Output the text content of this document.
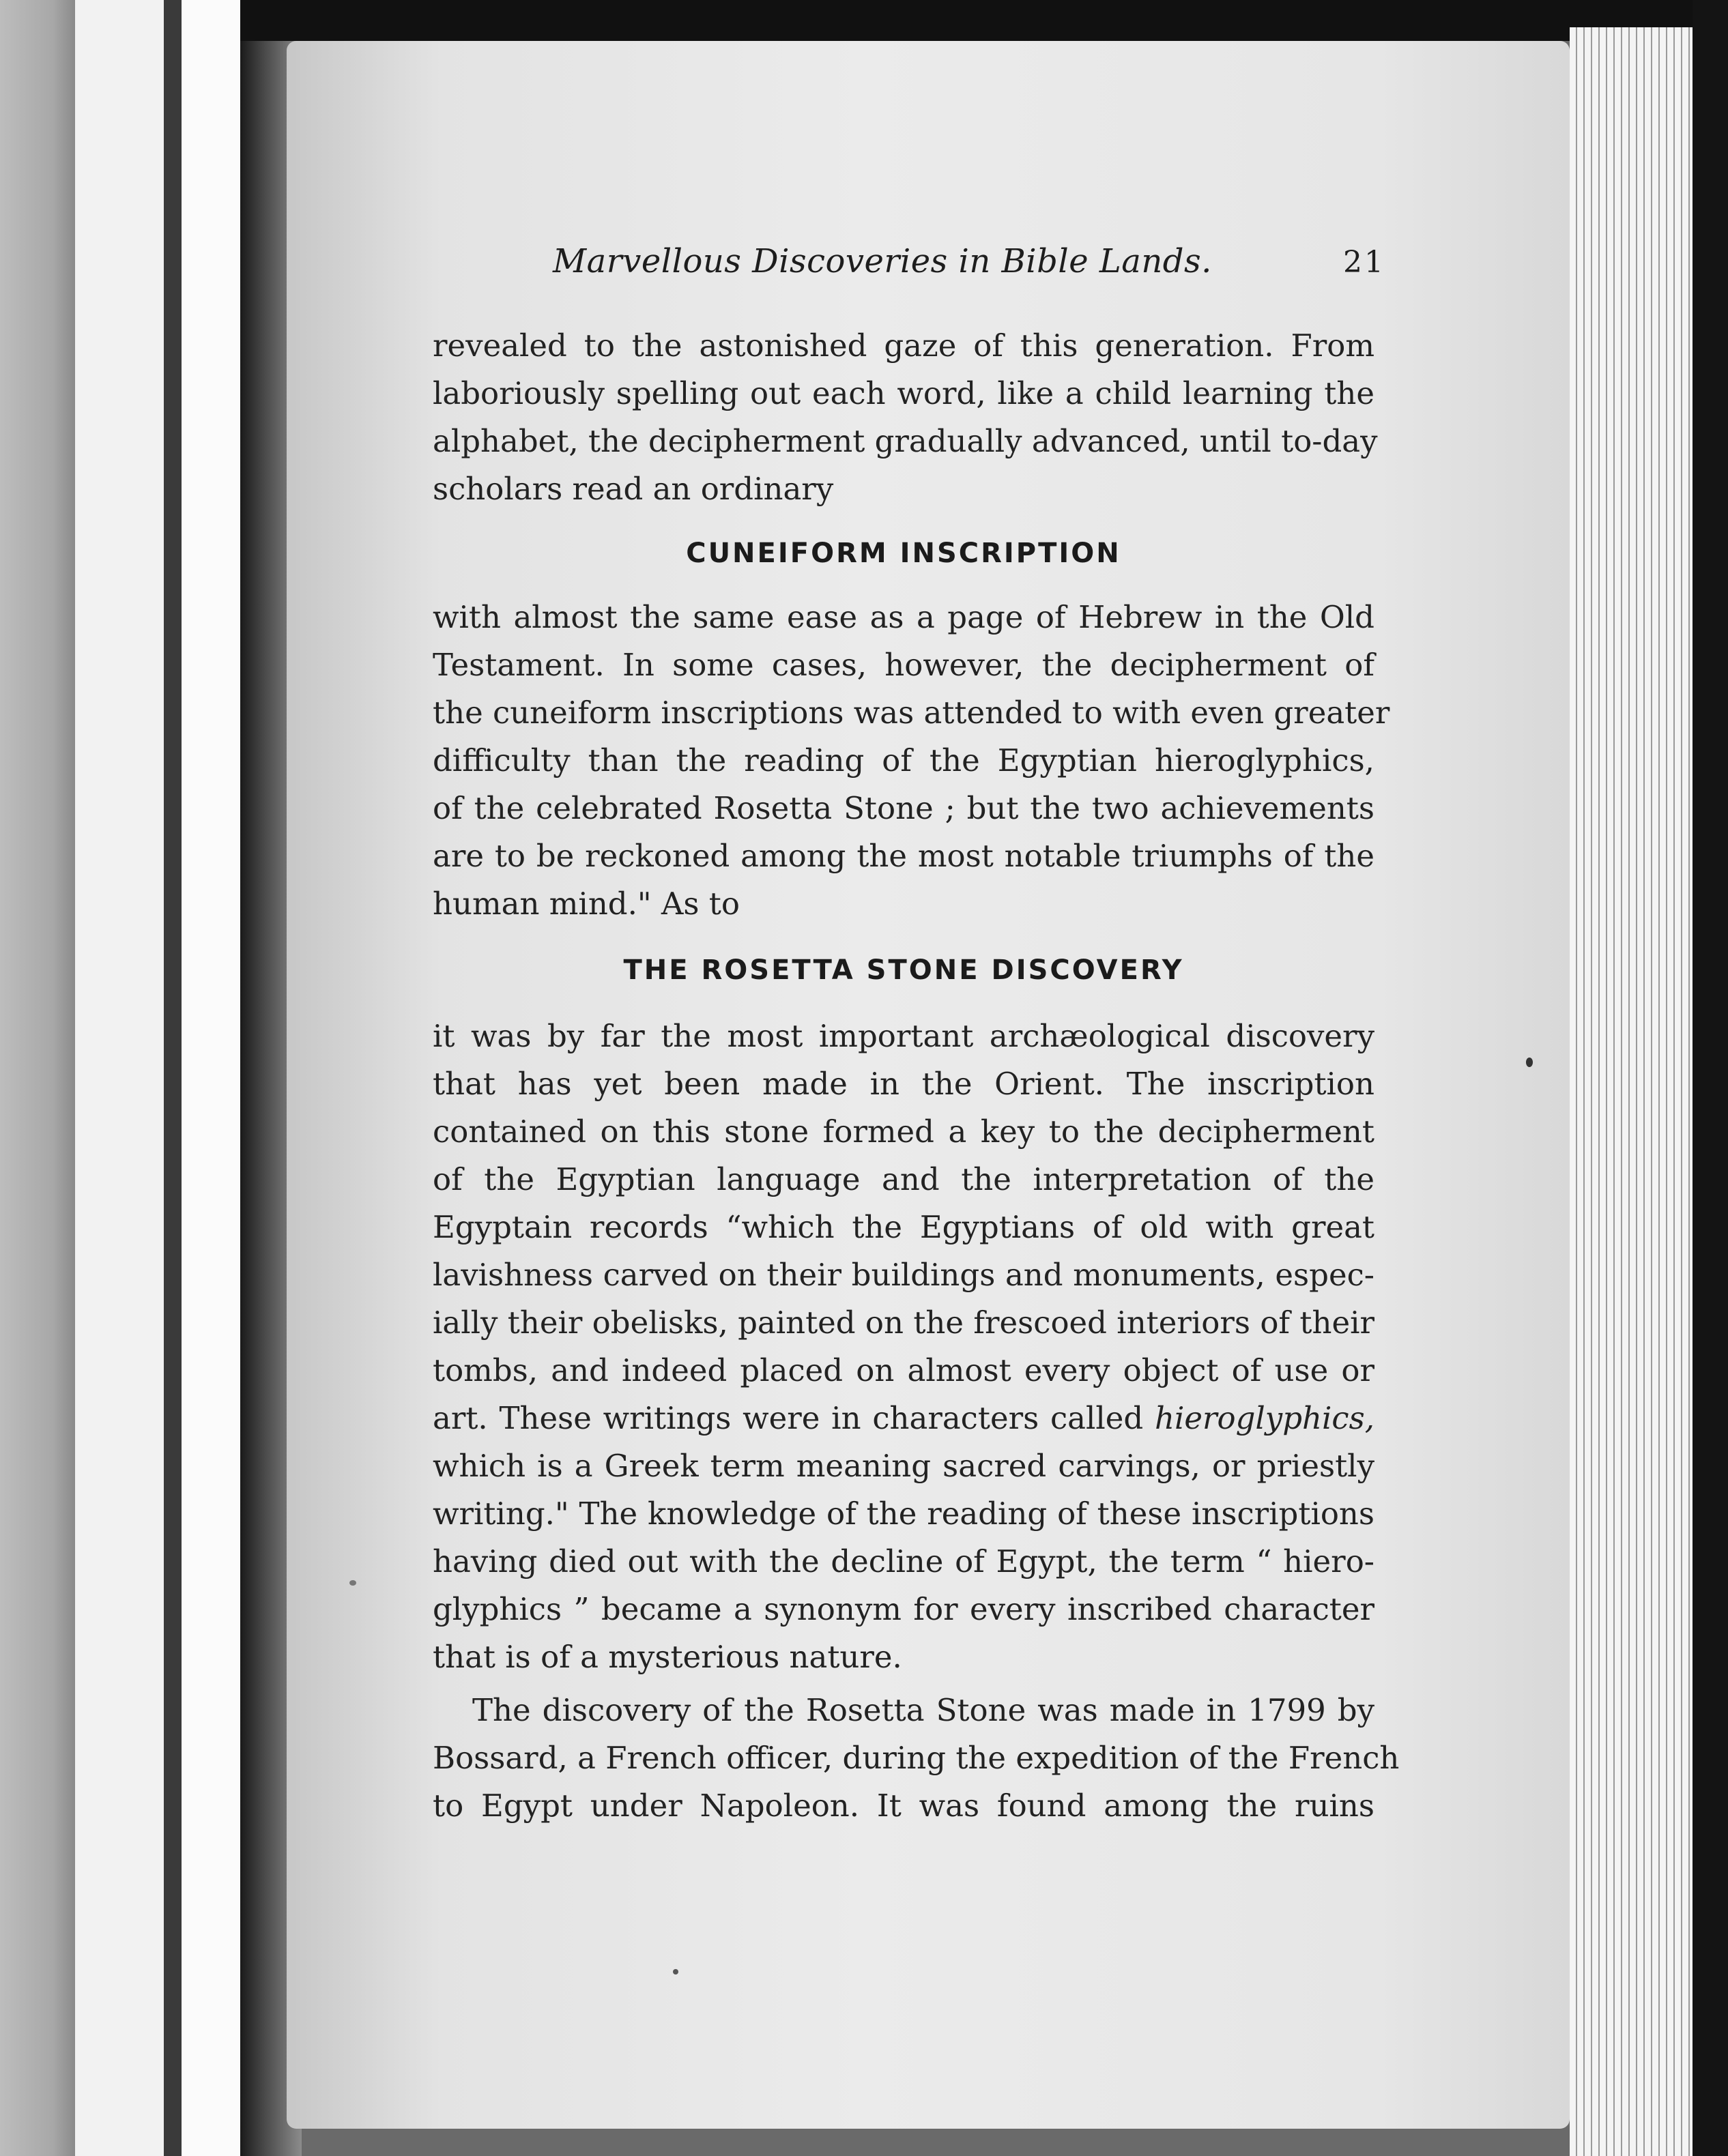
Marvellous Discoveries in Bible Lands.	21
revealed to the astonished gaze of this generation. From
laboriously spelling out each word, like a child learning the
alphabet, the decipherment gradually advanced, until to-day
scholars read an ordinary
CUNEIFORM INSCRIPTION
with almost the same ease as a page of Hebrew in the Old
Testament. In some cases, however, the decipherment of
the cuneiform inscriptions was attended to with even greater
difficulty than the reading of the Egyptian hieroglyphics,
of the celebrated Rosetta Stone ; but the two achievements
are to be reckoned among the most notable triumphs of the
human mind." As to
THE ROSETTA STONE DISCOVERY
it was by far the most important archæological discovery
that has yet been made in the Orient. The inscription
contained on this stone formed a key to the decipherment
of the Egyptian language and the interpretation of the
Egyptain records “which the Egyptians of old with great
lavishness carved on their buildings and monuments, espec-
ially their obelisks, painted on the frescoed interiors of their
tombs, and indeed placed on almost every object of use or
art. These writings were in characters called hieroglyphics,
which is a Greek term meaning sacred carvings, or priestly
writing." The knowledge of the reading of these inscriptions
having died out with the decline of Egypt, the term “ hiero-
glyphics ” became a synonym for every inscribed character
that is of a mysterious nature.
The discovery of the Rosetta Stone was made in 1799 by
Bossard, a French officer, during the expedition of the French
to Egypt under Napoleon. It was found among the ruins
